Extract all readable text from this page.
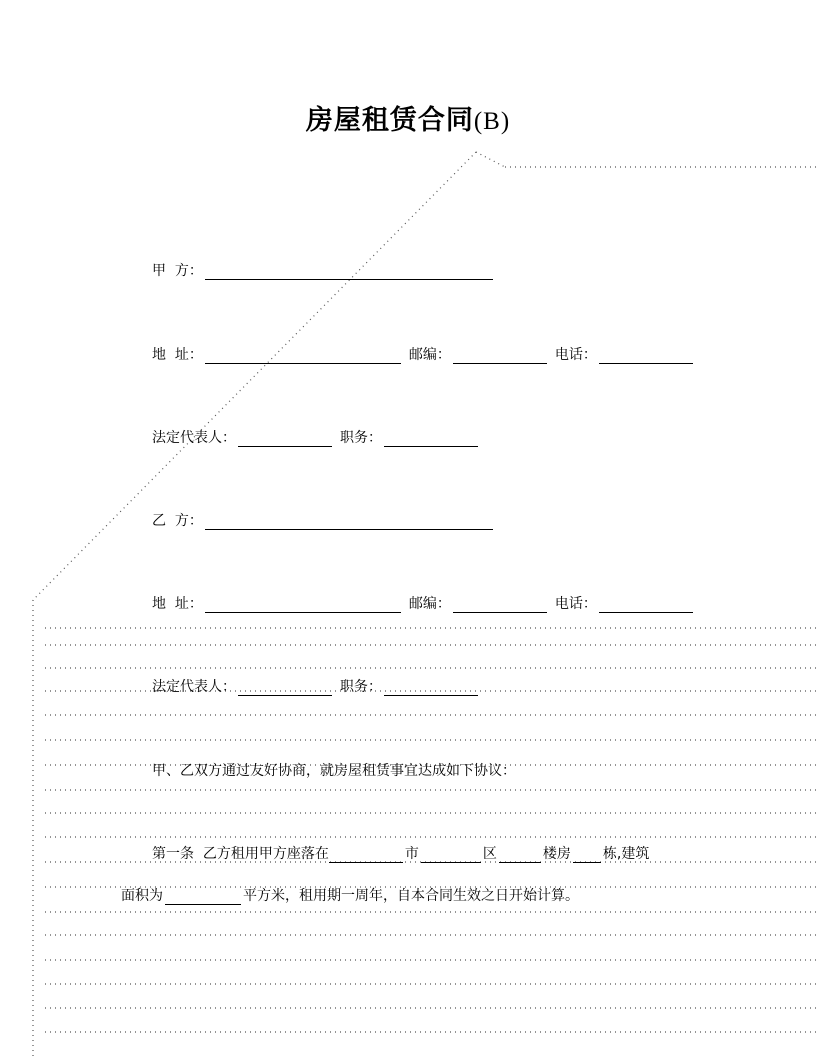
房屋租赁合同(B)
甲  方：
地  址：	邮编：	电话：
法定代表人：	职务：
乙  方：
地  址：	邮编：	电话：
法定代表人：	职务：
甲、乙双方通过友好协商，就房屋租赁事宜达成如下协议：
第一条  乙方租用甲方座落在	市	区	楼房 栋,建筑
面积为	平方米，租用期一周年，自本合同生效之日开始计算。
